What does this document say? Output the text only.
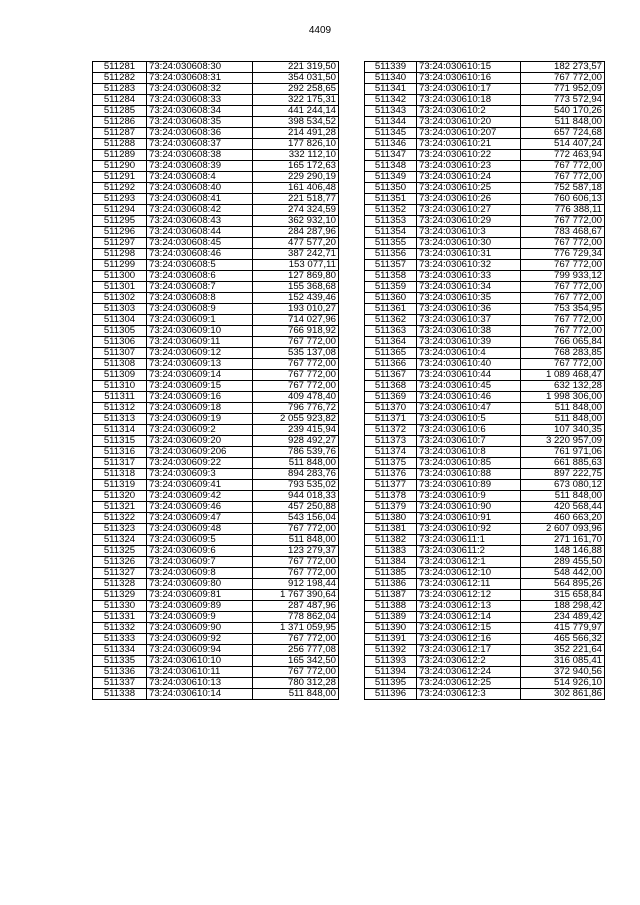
4409
511281	73:24:030608:30	221 319,50
511282	73:24:030608:31	354 031,50
511283	73:24:030608:32	292 258,65
511284	73:24:030608:33	322 175,31
511285	73:24:030608:34	441 244,14
511286	73:24:030608:35	398 534,52
511287	73:24:030608:36	214 491,28
511288	73:24:030608:37	177 826,10
511289	73:24:030608:38	332 112,10
511290	73:24:030608:39	165 172,63
511291	73:24:030608:4	229 290,19
511292	73:24:030608:40	161 406,48
511293	73:24:030608:41	221 518,77
511294	73:24:030608:42	274 324,59
511295	73:24:030608:43	362 932,10
511296	73:24:030608:44	284 287,96
511297	73:24:030608:45	477 577,20
511298	73:24:030608:46	387 242,71
511299	73:24:030608:5	153 077,11
511300	73:24:030608:6	127 869,80
511301	73:24:030608:7	155 368,68
511302	73:24:030608:8	152 439,46
511303	73:24:030608:9	193 010,27
511304	73:24:030609:1	714 027,96
511305	73:24:030609:10	766 918,92
511306	73:24:030609:11	767 772,00
511307	73:24:030609:12	535 137,08
511308	73:24:030609:13	767 772,00
511309	73:24:030609:14	767 772,00
511310	73:24:030609:15	767 772,00
511311	73:24:030609:16	409 478,40
511312	73:24:030609:18	796 776,72
511313	73:24:030609:19	2 055 923,82
511314	73:24:030609:2	239 415,94
511315	73:24:030609:20	928 492,27
511316	73:24:030609:206	786 539,76
511317	73:24:030609:22	511 848,00
511318	73:24:030609:3	894 283,76
511319	73:24:030609:41	793 535,02
511320	73:24:030609:42	944 018,33
511321	73:24:030609:46	457 250,88
511322	73:24:030609:47	543 156,04
511323	73:24:030609:48	767 772,00
511324	73:24:030609:5	511 848,00
511325	73:24:030609:6	123 279,37
511326	73:24:030609:7	767 772,00
511327	73:24:030609:8	767 772,00
511328	73:24:030609:80	912 198,44
511329	73:24:030609:81	1 767 390,64
511330	73:24:030609:89	287 487,96
511331	73:24:030609:9	778 862,04
511332	73:24:030609:90	1 371 059,95
511333	73:24:030609:92	767 772,00
511334	73:24:030609:94	256 777,08
511335	73:24:030610:10	165 342,50
511336	73:24:030610:11	767 772,00
511337	73:24:030610:13	780 312,28
511338	73:24:030610:14	511 848,00
511339	73:24:030610:15	182 273,57
511340	73:24:030610:16	767 772,00
511341	73:24:030610:17	771 952,09
511342	73:24:030610:18	773 572,94
511343	73:24:030610:2	540 170,26
511344	73:24:030610:20	511 848,00
511345	73:24:030610:207	657 724,68
511346	73:24:030610:21	514 407,24
511347	73:24:030610:22	772 463,94
511348	73:24:030610:23	767 772,00
511349	73:24:030610:24	767 772,00
511350	73:24:030610:25	752 587,18
511351	73:24:030610:26	760 606,13
511352	73:24:030610:27	776 388,11
511353	73:24:030610:29	767 772,00
511354	73:24:030610:3	783 468,67
511355	73:24:030610:30	767 772,00
511356	73:24:030610:31	776 729,34
511357	73:24:030610:32	767 772,00
511358	73:24:030610:33	799 933,12
511359	73:24:030610:34	767 772,00
511360	73:24:030610:35	767 772,00
511361	73:24:030610:36	753 354,95
511362	73:24:030610:37	767 772,00
511363	73:24:030610:38	767 772,00
511364	73:24:030610:39	766 065,84
511365	73:24:030610:4	768 283,85
511366	73:24:030610:40	767 772,00
511367	73:24:030610:44	1 089 468,47
511368	73:24:030610:45	632 132,28
511369	73:24:030610:46	1 998 306,00
511370	73:24:030610:47	511 848,00
511371	73:24:030610:5	511 848,00
511372	73:24:030610:6	107 340,35
511373	73:24:030610:7	3 220 957,09
511374	73:24:030610:8	761 971,06
511375	73:24:030610:85	661 885,63
511376	73:24:030610:88	897 222,75
511377	73:24:030610:89	673 080,12
511378	73:24:030610:9	511 848,00
511379	73:24:030610:90	420 568,44
511380	73:24:030610:91	460 663,20
511381	73:24:030610:92	2 607 093,96
511382	73:24:030611:1	271 161,70
511383	73:24:030611:2	148 146,88
511384	73:24:030612:1	289 455,50
511385	73:24:030612:10	548 442,00
511386	73:24:030612:11	564 895,26
511387	73:24:030612:12	315 658,84
511388	73:24:030612:13	188 298,42
511389	73:24:030612:14	234 489,42
511390	73:24:030612:15	415 779,97
511391	73:24:030612:16	465 566,32
511392	73:24:030612:17	352 221,64
511393	73:24:030612:2	316 085,41
511394	73:24:030612:24	372 940,56
511395	73:24:030612:25	514 926,10
511396	73:24:030612:3	302 861,86
